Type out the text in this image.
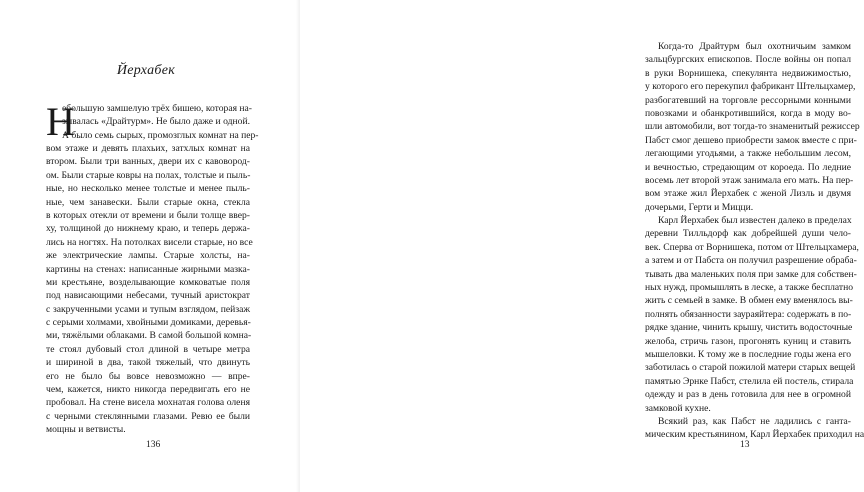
Йерхабек
Н
ебольшую замшелую трёх бишею, которая на-
зывалась «Драйтурм». Не было даже и одной.
А было семь сырых, промозглых комнат на пер-
вом этаже и девять плахьих, затхлых комнат на
втором. Были три ванных, двери их с кавовород-
ом. Были старые ковры на полах, толстые и пыль-
ные, но несколько менее толстые и менее пыль-
ные, чем занавески. Были старые окна, стекла
в которых отекли от времени и были толще ввер-
ху, толщиной до нижнему краю, и теперь держа-
лись на ногтях. На потолках висели старые, но все
же электрические лампы. Старые холсты, на-
картины на стенах: написанные жирными мазка-
ми крестьяне, возделывающие комковатые поля
под нависающими небесами, тучный аристократ
с закрученными усами и тупым взглядом, пейзаж
с серыми холмами, хвойными домиками, деревья-
ми, тяжёлыми облаками. В самой большой комна-
те стоял дубовый стол длиной в четыре метра
и шириной в два, такой тяжелый, что двинуть
его не было бы вовсе невозможно — впре-
чем, кажется, никто никогда передвигать его не
пробовал. На стене висела мохнатая голова оленя
с черными стеклянными глазами. Ревю ее были
мощны и ветвисты.
136
Когда-то Драйтурм был охотничьим замком
зальцбургских епископов. После войны он попал
в руки Ворнишека, спекулянта недвижимостью,
у которого его перекупил фабрикант Штельцхамер,
разбогатевший на торговле рессорными конными
повозками и обанкротившийся, когда в моду во-
шли автомобили, вот тогда-то знаменитый режиссер
Пабст смог дешево приобрести замок вместе с при-
легающими угодьями, а также небольшим лесом,
и вечностью, стредающим от короеда. По ледние
восемь лет второй этаж занимала его мать. На пер-
вом этаже жил Йерхабек с женой Лизль и двумя
дочерьми, Герти и Мицци.
Карл Йерхабек был известен далеко в пределах
деревни Тилльдорф как добрейшей души чело-
век. Сперва от Ворнишека, потом от Штельцхамера,
а затем и от Пабста он получил разрешение обраба-
тывать два маленьких поля при замке для собствен-
ных нужд, промышлять в леске, а также бесплатно
жить с семьей в замке. В обмен ему вменялось вы-
полнять обязанности заураяйтера: содержать в по-
рядке здание, чинить крышу, чистить водосточные
желоба, стричь газон, прогонять куниц и ставить
мышеловки. К тому же в последние годы жена его
заботилась о старой пожилой матери старых вещей
памятью Эрнке Пабст, стелила ей постель, стирала
одежду и раз в день готовила для нее в огромной
замковой кухне.
Всякий раз, как Пабст не ладились с ганта-
мическим крестьянином, Карл Йерхабек приходил на
13
